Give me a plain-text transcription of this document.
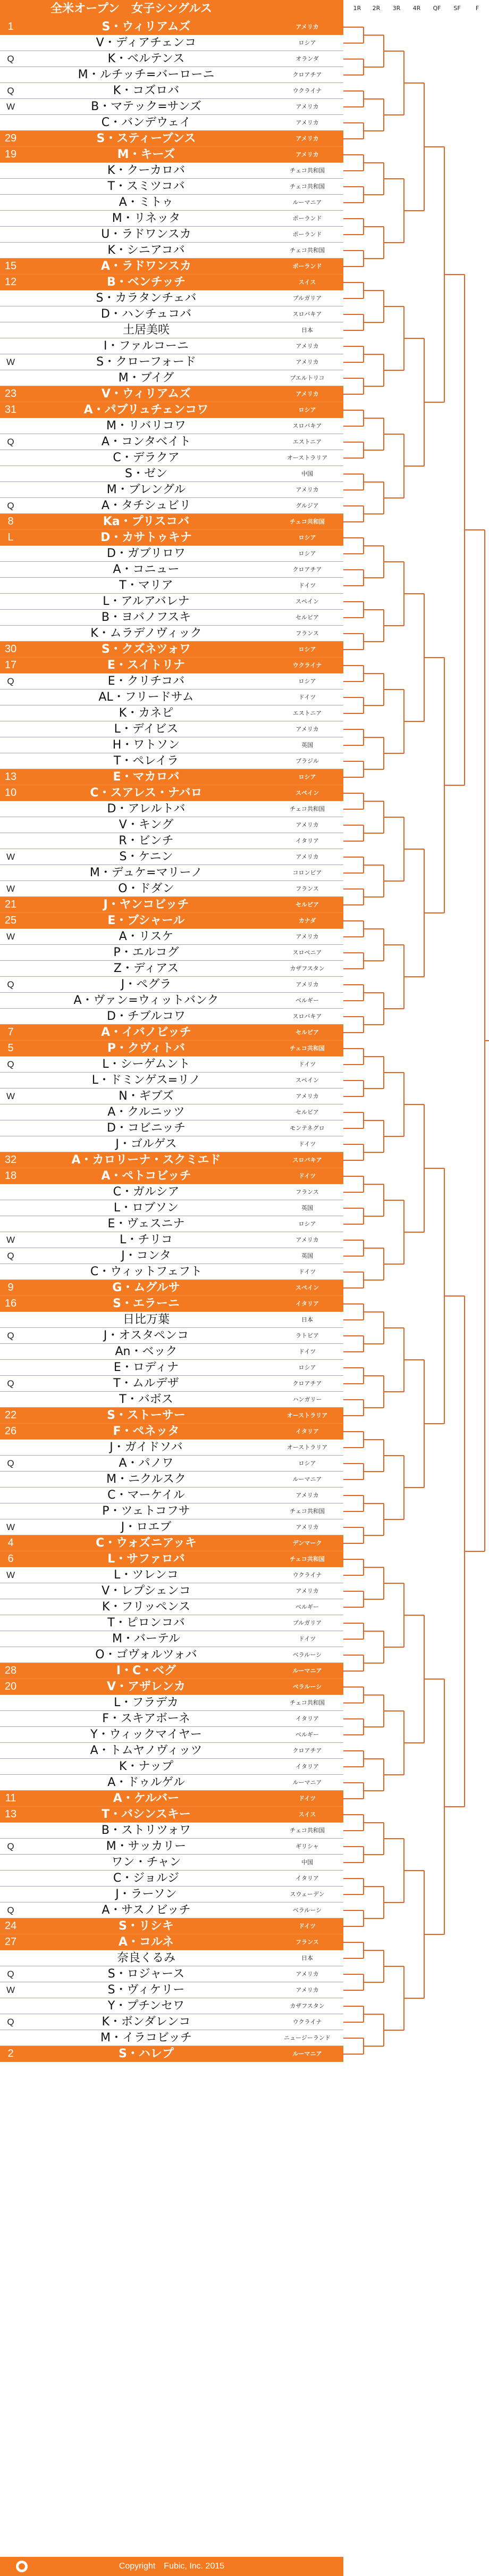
全米オープン　女子シングルス	1R	2R	3R	4R	QF	SF	F
1	S・ウィリアムズ	アメリカ
V・ディアチェンコ	ロシア
Q	K・ベルテンス	オランダ
M・ルチッチ=バーローニ	クロアチア
Q	K・コズロバ	ウクライナ
W	B・マテック=サンズ	アメリカ
C・バンデウェイ	アメリカ
29	S・スティーブンス	アメリカ
19	M・キーズ	アメリカ
K・クーカロバ	チェコ共和国
T・スミツコバ	チェコ共和国
A・ミトゥ	ルーマニア
M・リネッタ	ポーランド
U・ラドワンスカ	ポーランド
K・シニアコバ	チェコ共和国
15	A・ラドワンスカ	ポーランド
12	B・ベンチッチ	スイス
S・カラタンチェバ	ブルガリア
D・ハンチュコバ	スロバキア
土居美咲	日本
I・ファルコーニ	アメリカ
W	S・クローフォード	アメリカ
M・ブイグ	プエルトリコ
23	V・ウィリアムズ	アメリカ
31	A・パブリュチェンコワ	ロシア
M・リバリコワ	スロバキア
Q	A・コンタベイト	エストニア
C・デラクア	オーストラリア
S・ゼン	中国
M・ブレングル	アメリカ
Q	A・タチシュビリ	グルジア
8	Ka・プリスコバ	チェコ共和国
L	D・カサトゥキナ	ロシア
D・ガブリロワ	ロシア
A・コニュー	クロアチア
T・マリア	ドイツ
L・アルアバレナ	スペイン
B・ヨバノフスキ	セルビア
K・ムラデノヴィック	フランス
30	S・クズネツォワ	ロシア
17	E・スイトリナ	ウクライナ
Q	E・クリチコバ	ロシア
AL・フリードサム	ドイツ
K・カネピ	エストニア
L・デイビス	アメリカ
H・ワトソン	英国
T・ペレイラ	ブラジル
13	E・マカロバ	ロシア
10	C・スアレス・ナバロ	スペイン
D・アレルトバ	チェコ共和国
V・キング	アメリカ
R・ビンチ	イタリア
W	S・ケニン	アメリカ
M・デュケ=マリーノ	コロンビア
W	O・ドダン	フランス
21	J・ヤンコビッチ	セルビア
25	E・ブシャール	カナダ
W	A・リスケ	アメリカ
P・エルコグ	スロベニア
Z・ディアス	カザフスタン
Q	J・ペグラ	アメリカ
A・ヴァン=ウィットバンク	ベルギー
D・チブルコワ	スロバキア
7	A・イバノビッチ	セルビア
5	P・クヴィトバ	チェコ共和国
Q	L・シーゲムント	ドイツ
L・ドミンゲス=リノ	スペイン
W	N・ギブズ	アメリカ
A・クルニッツ	セルビア
D・コビニッチ	モンテネグロ
J・ゴルゲス	ドイツ
32	A・カロリーナ・スクミエド	スロバキア
18	A・ペトコビッチ	ドイツ
C・ガルシア	フランス
L・ロブソン	英国
E・ヴェスニナ	ロシア
W	L・チリコ	アメリカ
Q	J・コンタ	英国
C・ウィットフェフト	ドイツ
9	G・ムグルサ	スペイン
16	S・エラーニ	イタリア
日比万葉	日本
Q	J・オスタペンコ	ラトビア
An・ベック	ドイツ
E・ロディナ	ロシア
Q	T・ムルデザ	クロアチア
T・バボス	ハンガリー
22	S・ストーサー	オーストラリア
26	F・ペネッタ	イタリア
J・ガイドソバ	オーストラリア
Q	A・パノワ	ロシア
M・ニクルスク	ルーマニア
C・マーケイル	アメリカ
P・ツェトコフサ	チェコ共和国
W	J・ロエブ	アメリカ
4	C・ウォズニアッキ	デンマーク
6	L・サファロバ	チェコ共和国
W	L・ツレンコ	ウクライナ
V・レプシェンコ	アメリカ
K・フリッペンス	ベルギー
T・ピロンコバ	ブルガリア
M・バーテル	ドイツ
O・ゴヴォルツォバ	ベラルーシ
28	I・C・ベグ	ルーマニア
20	V・アザレンカ	ベラルーシ
L・フラデカ	チェコ共和国
F・スキアボーネ	イタリア
Y・ウィックマイヤー	ベルギー
A・トムヤノヴィッツ	クロアチア
K・ナップ	イタリア
A・ドゥルゲル	ルーマニア
11	A・ケルバー	ドイツ
13	T・バシンスキー	スイス
B・ストリツォワ	チェコ共和国
Q	M・サッカリー	ギリシャ
ワン・チャン	中国
C・ジョルジ	イタリア
J・ラーソン	スウェーデン
Q	A・サスノビッチ	ベラルーシ
24	S・リシキ	ドイツ
27	A・コルネ	フランス
奈良くるみ	日本
Q	S・ロジャース	アメリカ
W	S・ヴィケリー	アメリカ
Y・プチンセワ	カザフスタン
Q	K・ボンダレンコ	ウクライナ
M・イラコビッチ	ニュージーランド
2	S・ハレプ	ルーマニア
Copyright　Fubic, Inc. 2015
